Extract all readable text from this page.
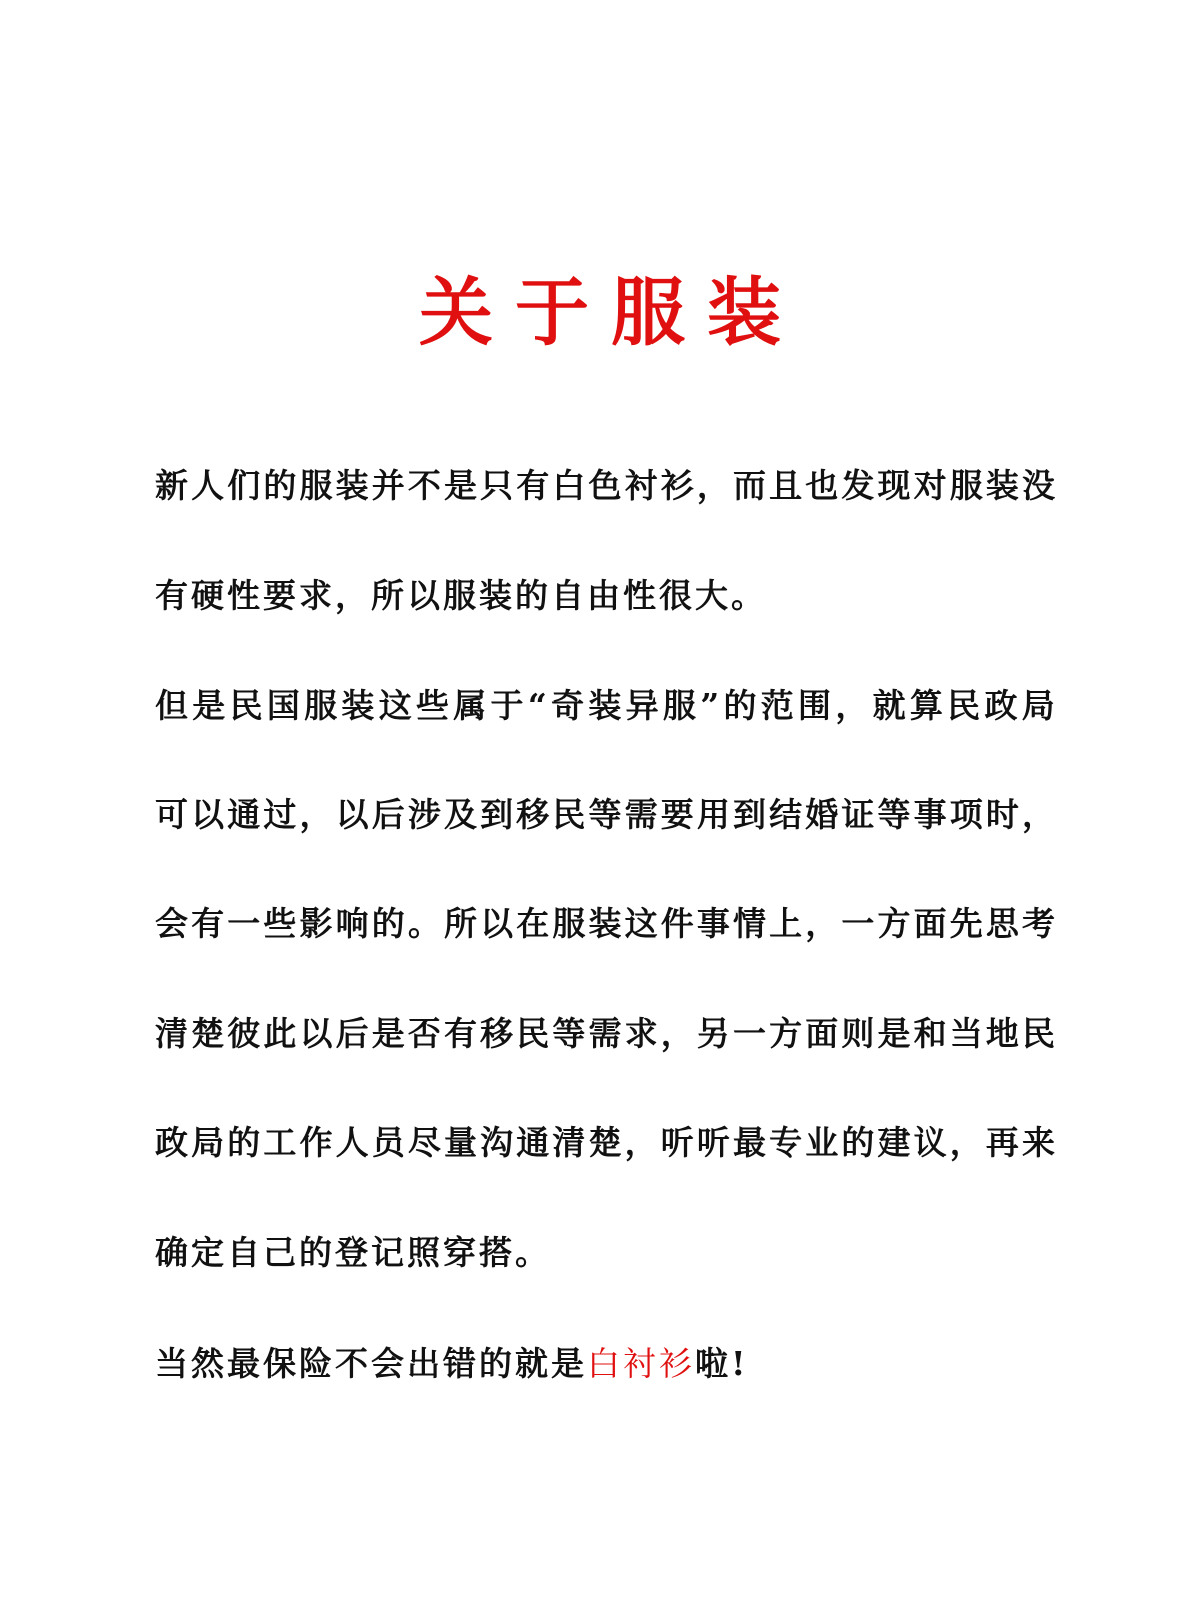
关于服装
新 人 们 的 服 装 并 不 是 只 有 白 色 衬 衫 ， 而 且 也 发 现 对 服 装 没
有硬性要求，所以服装的自由性很大。
但 是 民 国 服 装 这 些 属 于 “ 奇 装 异 服 ” 的 范 围 ， 就 算 民 政 局
可 以 通 过 ， 以 后 涉 及 到 移 民 等 需 要 用 到 结 婚 证 等 事 项 时 ，
会 有 一 些 影 响 的 。 所 以 在 服 装 这 件 事 情 上 ， 一 方 面 先 思 考
清 楚 彼 此 以 后 是 否 有 移 民 等 需 求 ， 另 一 方 面 则 是 和 当 地 民
政 局 的 工 作 人 员 尽 量 沟 通 清 楚 ， 听 听 最 专 业 的 建 议 ， 再 来
确定自己的登记照穿搭。
当然最保险不会出错的就是白衬衫啦!
